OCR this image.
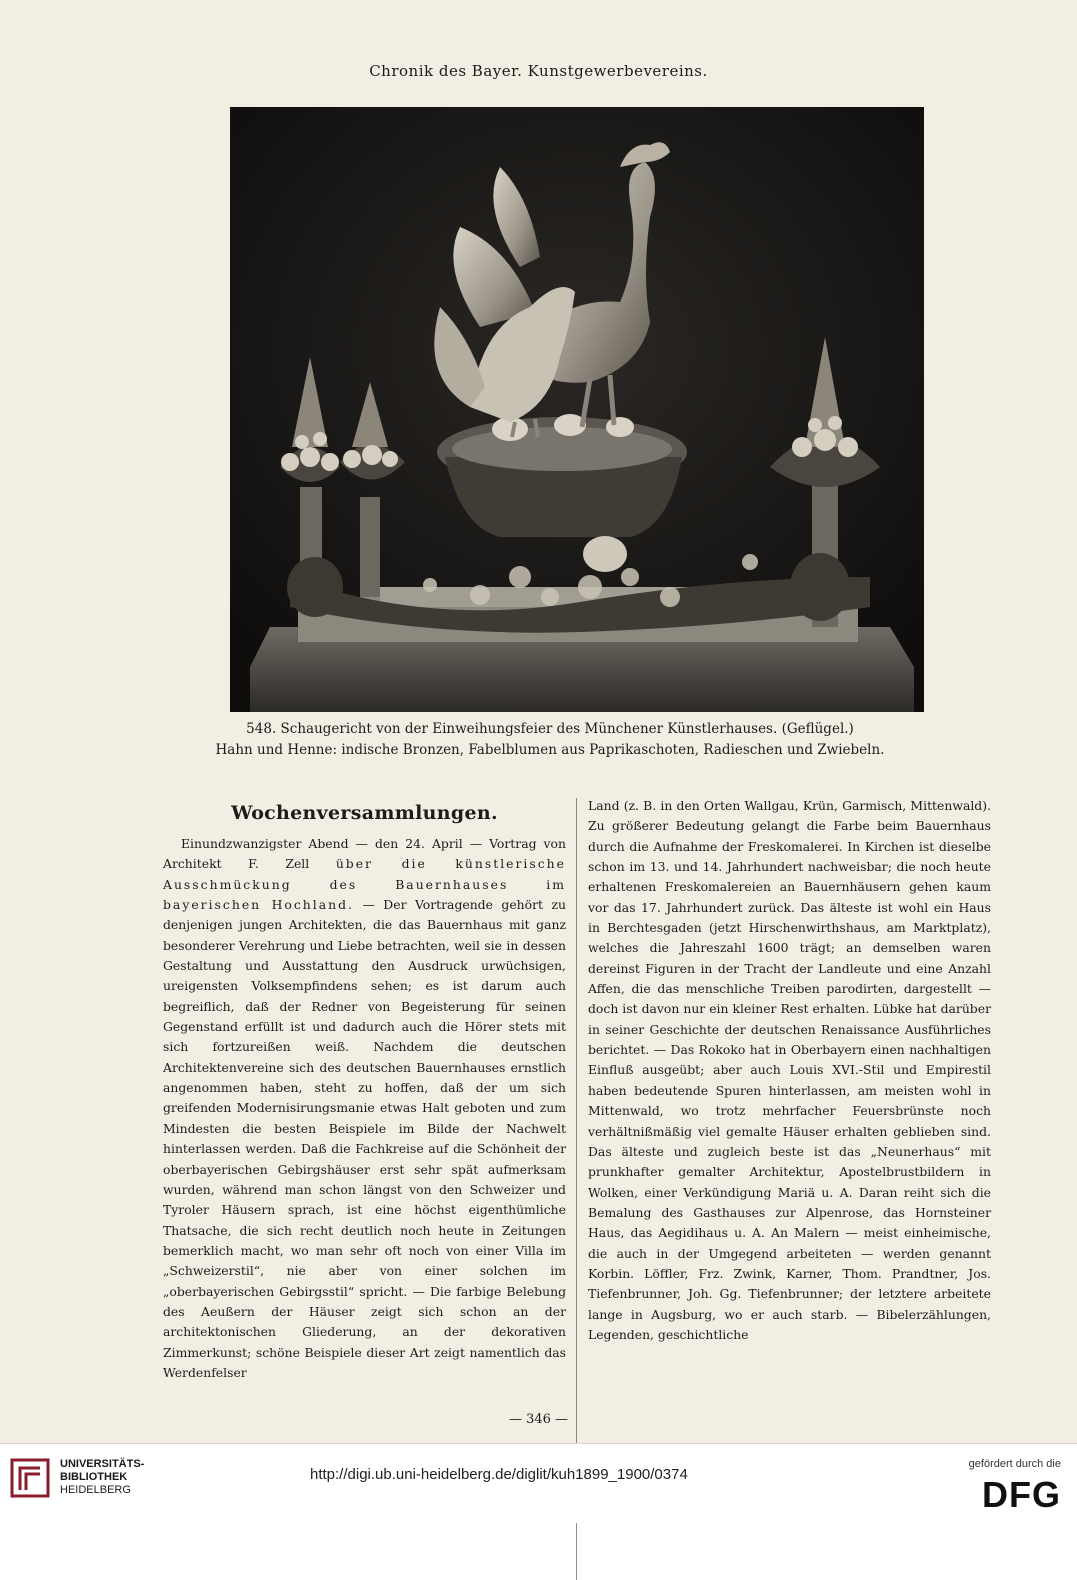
Chronik des Bayer. Kunstgewerbevereins.
548. Schaugericht von der Einweihungsfeier des Münchener Künstlerhauses. (Geflügel.)
Hahn und Henne: indische Bronzen, Fabelblumen aus Paprikaschoten, Radieschen und Zwiebeln.
Wochenversammlungen.

Einundzwanzigster Abend — den 24. April — Vortrag von Architekt F. Zell über die künstlerische Ausschmückung des Bauernhauses im bayerischen Hochland. — Der Vortragende gehört zu denjenigen jungen Architekten, die das Bauernhaus mit ganz besonderer Verehrung und Liebe betrachten, weil sie in dessen Gestaltung und Ausstattung den Ausdruck urwüchsigen, ureigensten Volksempfindens sehen; es ist darum auch begreiflich, daß der Redner von Begeisterung für seinen Gegenstand erfüllt ist und dadurch auch die Hörer stets mit sich fortzureißen weiß. Nachdem die deutschen Architektenvereine sich des deutschen Bauernhauses ernstlich angenommen haben, steht zu hoffen, daß der um sich greifenden Modernisirungsmanie etwas Halt geboten und zum Mindesten die besten Beispiele im Bilde der Nachwelt hinterlassen werden. Daß die Fachkreise auf die Schönheit der oberbayerischen Gebirgshäuser erst sehr spät aufmerksam wurden, während man schon längst von den Schweizer und Tyroler Häusern sprach, ist eine höchst eigenthümliche Thatsache, die sich recht deutlich noch heute in Zeitungen bemerklich macht, wo man sehr oft noch von einer Villa im „Schweizerstil“, nie aber von einer solchen im „oberbayerischen Gebirgsstil“ spricht. — Die farbige Belebung des Aeußern der Häuser zeigt sich schon an der architektonischen Gliederung, an der dekorativen Zimmerkunst; schöne Beispiele dieser Art zeigt namentlich das Werdenfelser

Land (z. B. in den Orten Wallgau, Krün, Garmisch, Mittenwald). Zu größerer Bedeutung gelangt die Farbe beim Bauernhaus durch die Aufnahme der Freskomalerei. In Kirchen ist dieselbe schon im 13. und 14. Jahrhundert nachweisbar; die noch heute erhaltenen Freskomalereien an Bauernhäusern gehen kaum vor das 17. Jahrhundert zurück. Das älteste ist wohl ein Haus in Berchtesgaden (jetzt Hirschenwirthshaus, am Marktplatz), welches die Jahreszahl 1600 trägt; an demselben waren dereinst Figuren in der Tracht der Landleute und eine Anzahl Affen, die das menschliche Treiben parodirten, dargestellt — doch ist davon nur ein kleiner Rest erhalten. Lübke hat darüber in seiner Geschichte der deutschen Renaissance Ausführliches berichtet. — Das Rokoko hat in Oberbayern einen nachhaltigen Einfluß ausgeübt; aber auch Louis XVI.-Stil und Empirestil haben bedeutende Spuren hinterlassen, am meisten wohl in Mittenwald, wo trotz mehrfacher Feuersbrünste noch verhältnißmäßig viel gemalte Häuser erhalten geblieben sind. Das älteste und zugleich beste ist das „Neunerhaus“ mit prunkhafter gemalter Architektur, Apostelbrustbildern in Wolken, einer Verkündigung Mariä u. A. Daran reiht sich die Bemalung des Gasthauses zur Alpenrose, das Hornsteiner Haus, das Aegidihaus u. A. An Malern — meist einheimische, die auch in der Umgegend arbeiteten — werden genannt Korbin. Löffler, Frz. Zwink, Karner, Thom. Prandtner, Jos. Tiefenbrunner, Joh. Gg. Tiefenbrunner; der letztere arbeitete lange in Augsburg, wo er auch starb. — Bibelerzählungen, Legenden, geschichtliche

— 346 —
UNIVERSITÄTS-
BIBLIOTHEK
HEIDELBERG
http://digi.ub.uni-heidelberg.de/diglit/kuh1899_1900/0374
gefördert durch die
DFG
